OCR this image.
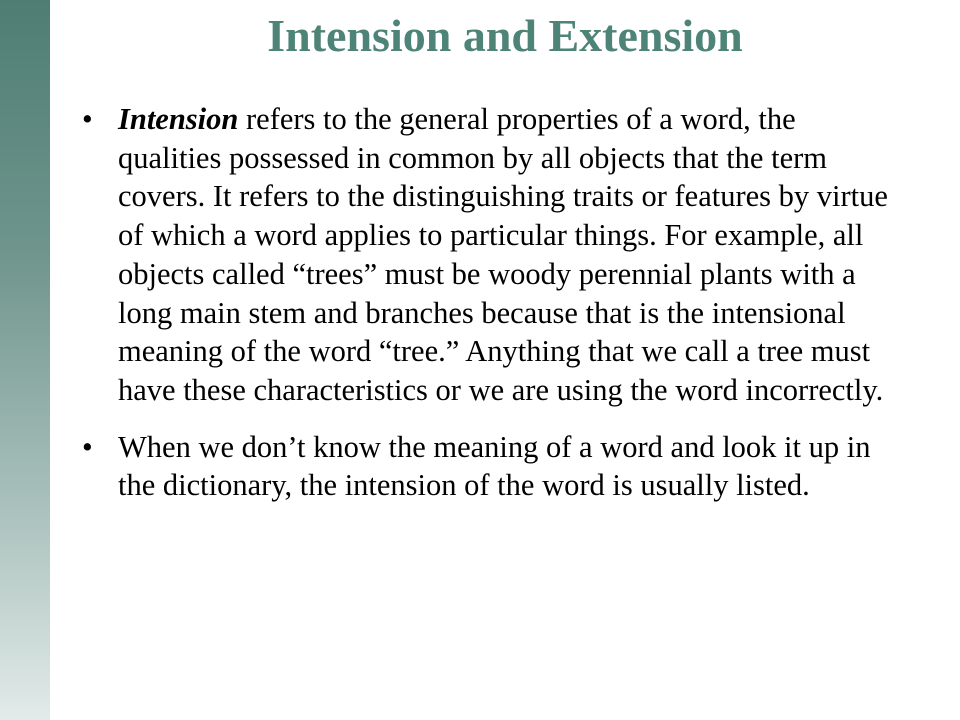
Intension and Extension
• Intension refers to the general properties of a word, the qualities possessed in common by all objects that the term covers. It refers to the distinguishing traits or features by virtue of which a word applies to particular things. For example, all objects called “trees” must be woody perennial plants with a long main stem and branches because that is the intensional meaning of the word “tree.” Anything that we call a tree must have these characteristics or we are using the word incorrectly.
• When we don’t know the meaning of a word and look it up in the dictionary, the intension of the word is usually listed.
